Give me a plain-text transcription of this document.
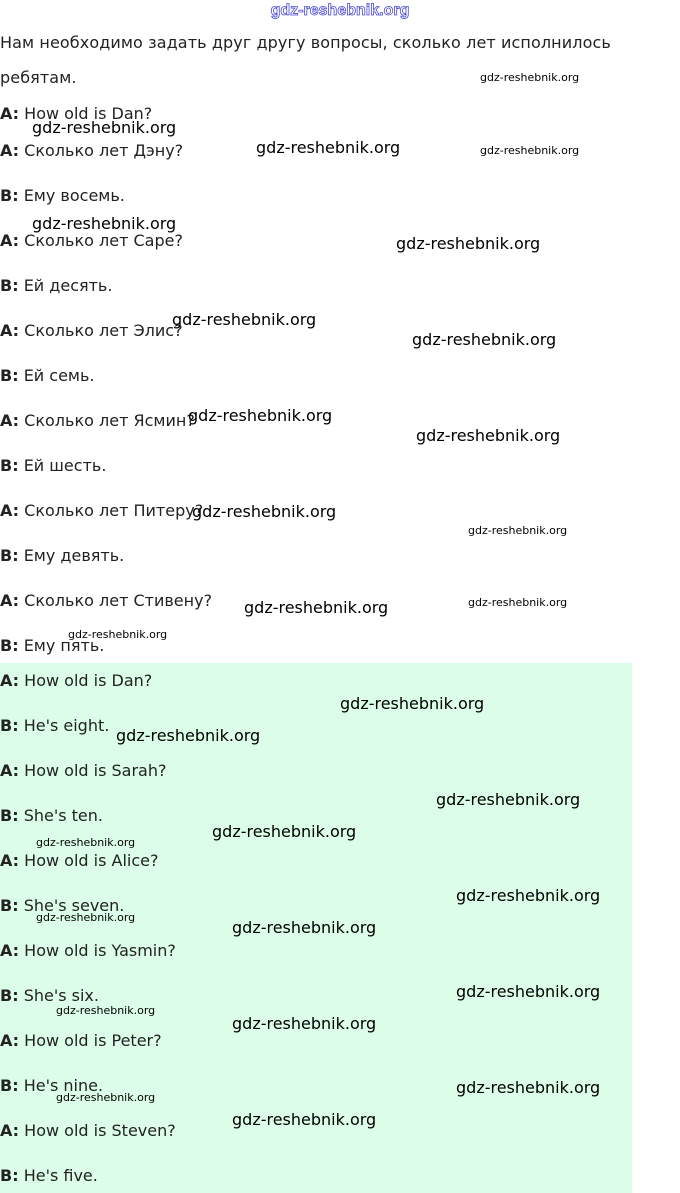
gdz-reshebnik.org
Нам необходимо задать друг другу вопросы, сколько лет исполнилось ребятам.
A: How old is Dan?
A: Сколько лет Дэну?
B: Ему восемь.
A: Сколько лет Саре?
B: Ей десять.
A: Сколько лет Элис?
B: Ей семь.
A: Сколько лет Ясмин?
B: Ей шесть.
A: Сколько лет Питеру?
B: Ему девять.
A: Сколько лет Стивену?
B: Ему пять.
A: How old is Dan?
B: He's eight.
A: How old is Sarah?
B: She's ten.
A: How old is Alice?
B: She's seven.
A: How old is Yasmin?
B: She's six.
A: How old is Peter?
B: He's nine.
A: How old is Steven?
B: He's five.
gdz-reshebnik.org
gdz-reshebnik.org
gdz-reshebnik.org	gdz-reshebnik.org
gdz-reshebnik.org
gdz-reshebnik.org
gdz-reshebnik.org
gdz-reshebnik.org
gdz-reshebnik.org
gdz-reshebnik.org
gdz-reshebnik.org
gdz-reshebnik.org
gdz-reshebnik.org
gdz-reshebnik.org
gdz-reshebnik.org
gdz-reshebnik.org
gdz-reshebnik.org
gdz-reshebnik.org
gdz-reshebnik.org
gdz-reshebnik.org
gdz-reshebnik.org
gdz-reshebnik.org
gdz-reshebnik.org
gdz-reshebnik.org
gdz-reshebnik.org
gdz-reshebnik.org
gdz-reshebnik.org
gdz-reshebnik.org
gdz-reshebnik.org
